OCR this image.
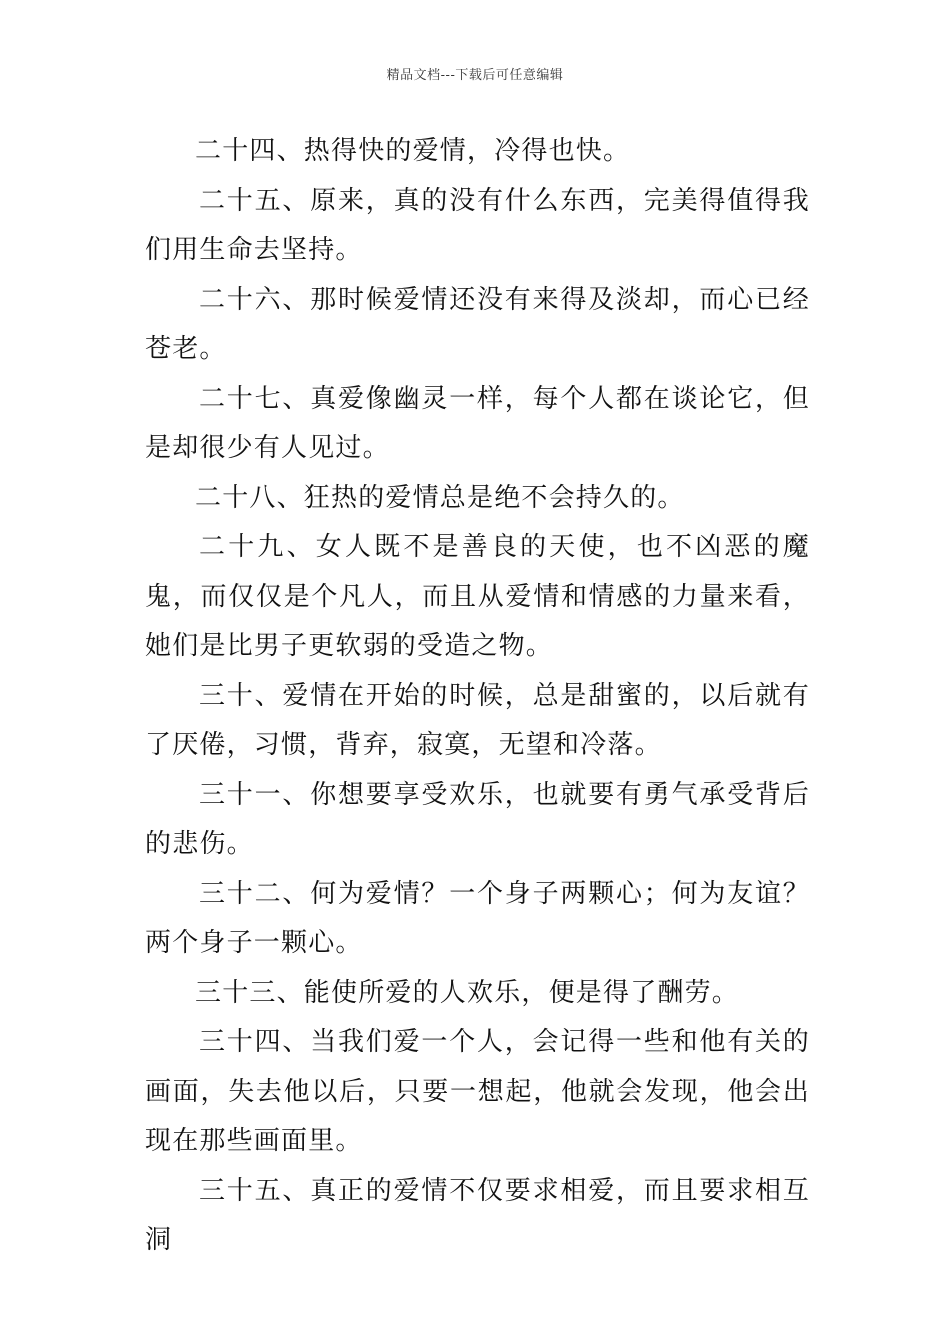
精品文档---下载后可任意编辑

二十四、热得快的爱情，冷得也快。

二十五、原来，真的没有什么东西，完美得值得我们用生命去坚持。

二十六、那时候爱情还没有来得及淡却，而心已经苍老。

二十七、真爱像幽灵一样，每个人都在谈论它，但是却很少有人见过。

二十八、狂热的爱情总是绝不会持久的。

二十九、女人既不是善良的天使，也不凶恶的魔鬼，而仅仅是个凡人，而且从爱情和情感的力量来看，她们是比男子更软弱的受造之物。

三十、爱情在开始的时候，总是甜蜜的，以后就有了厌倦，习惯，背弃，寂寞，无望和冷落。

三十一、你想要享受欢乐，也就要有勇气承受背后的悲伤。

三十二、何为爱情？一个身子两颗心；何为友谊？两个身子一颗心。

三十三、能使所爱的人欢乐，便是得了酬劳。

三十四、当我们爱一个人，会记得一些和他有关的画面，失去他以后，只要一想起，他就会发现，他会出现在那些画面里。

三十五、真正的爱情不仅要求相爱，而且要求相互洞
